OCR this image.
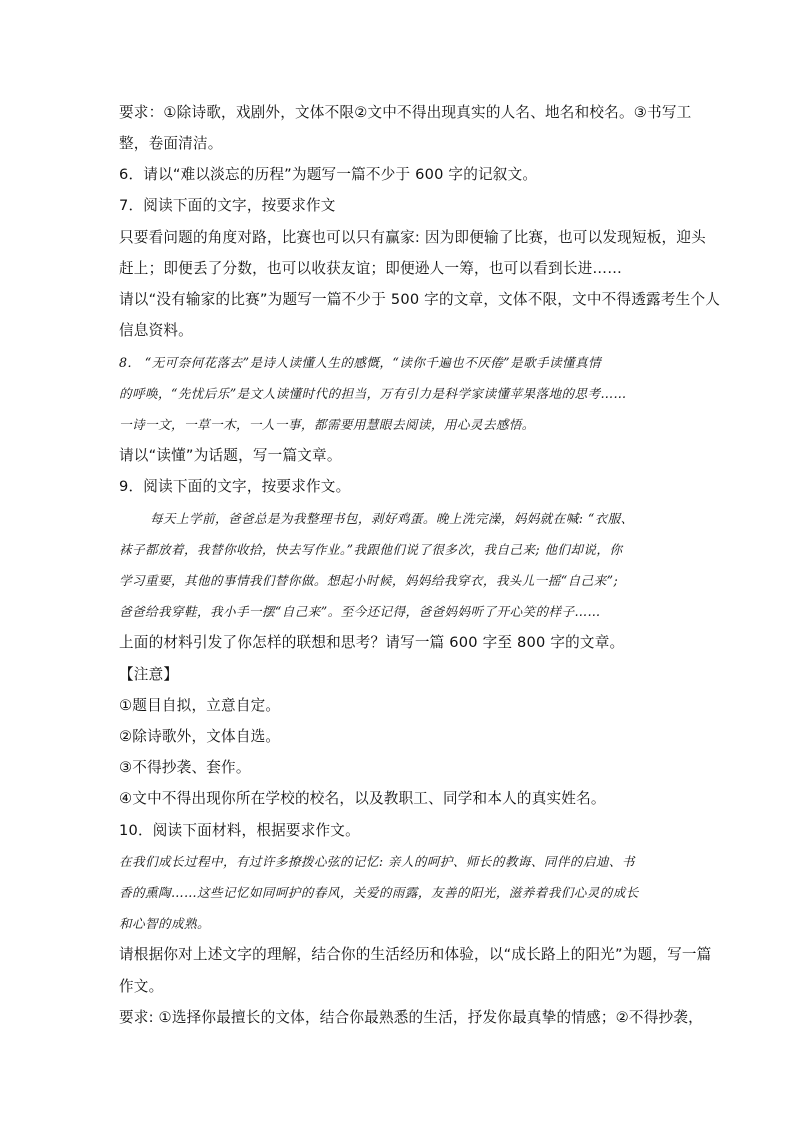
要求：①除诗歌，戏剧外，文体不限②文中不得出现真实的人名、地名和校名。③书写工
整，卷面清洁。
6．请以“难以淡忘的历程”为题写一篇不少于 600 字的记叙文。
7．阅读下面的文字，按要求作文
只要看问题的角度对路，比赛也可以只有赢家: 因为即便输了比赛，也可以发现短板，迎头
赶上；即便丢了分数，也可以收获友谊；即便逊人一筹，也可以看到长进……
请以“没有输家的比赛”为题写一篇不少于 500 字的文章，文体不限，文中不得透露考生个人
信息资料。
8． “无可奈何花落去”是诗人读懂人生的感慨，“读你千遍也不厌倦”是歌手读懂真情
的呼唤，“先忧后乐”是文人读懂时代的担当，万有引力是科学家读懂苹果落地的思考……
一诗一文，一草一木，一人一事，都需要用慧眼去阅读，用心灵去感悟。
请以“读懂”为话题，写一篇文章。
9．阅读下面的文字，按要求作文。
每天上学前，爸爸总是为我整理书包，剥好鸡蛋。晚上洗完澡，妈妈就在喊: “衣服、
袜子都放着，我替你收拾，快去写作业。”我跟他们说了很多次，我自己来; 他们却说，你
学习重要，其他的事情我们替你做。想起小时候，妈妈给我穿衣，我头儿一摇“自己来”;
爸爸给我穿鞋，我小手一摆“自己来”。至今还记得，爸爸妈妈听了开心笑的样子……
上面的材料引发了你怎样的联想和思考？请写一篇 600 字至 800 字的文章。
【注意】
①题目自拟，立意自定。
②除诗歌外，文体自选。
③不得抄袭、套作。
④文中不得出现你所在学校的校名，以及教职工、同学和本人的真实姓名。
10．阅读下面材料，根据要求作文。
在我们成长过程中，有过许多撩拨心弦的记忆: 亲人的呵护、师长的教诲、同伴的启迪、书
香的熏陶……这些记忆如同呵护的春风，关爱的雨露，友善的阳光，滋养着我们心灵的成长
和心智的成熟。
请根据你对上述文字的理解，结合你的生活经历和体验，以“成长路上的阳光”为题，写一篇
作文。
要求: ①选择你最擅长的文体，结合你最熟悉的生活，抒发你最真挚的情感；②不得抄袭，
